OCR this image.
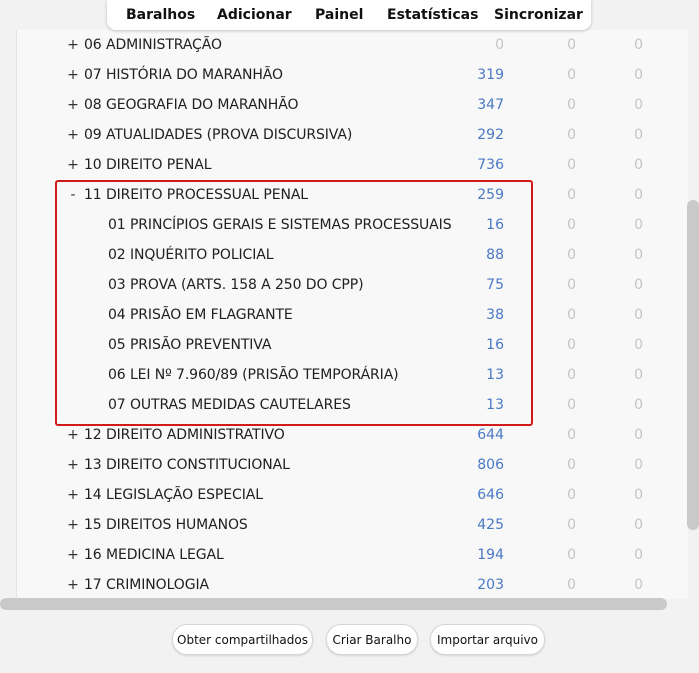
Baralhos Adicionar Painel Estatísticas Sincronizar
+ 06 ADMINISTRAÇÃO	0	0	0
+ 07 HISTÓRIA DO MARANHÃO	319	0	0
+ 08 GEOGRAFIA DO MARANHÃO	347	0	0
+ 09 ATUALIDADES (PROVA DISCURSIVA)	292	0	0
+ 10 DIREITO PENAL	736	0	0
- 11 DIREITO PROCESSUAL PENAL	259	0	0
01 PRINCÍPIOS GERAIS E SISTEMAS PROCESSUAIS	16	0	0
02 INQUÉRITO POLICIAL	88	0	0
03 PROVA (ARTS. 158 A 250 DO CPP)	75	0	0
04 PRISÃO EM FLAGRANTE	38	0	0
05 PRISÃO PREVENTIVA	16	0	0
06 LEI Nº 7.960/89 (PRISÃO TEMPORÁRIA)	13	0	0
07 OUTRAS MEDIDAS CAUTELARES	13	0	0
+ 12 DIREITO ADMINISTRATIVO	644	0	0
+ 13 DIREITO CONSTITUCIONAL	806	0	0
+ 14 LEGISLAÇÃO ESPECIAL	646	0	0
+ 15 DIREITOS HUMANOS	425	0	0
+ 16 MEDICINA LEGAL	194	0	0
+ 17 CRIMINOLOGIA	203	0	0
Obter compartilhados	Criar Baralho	Importar arquivo
